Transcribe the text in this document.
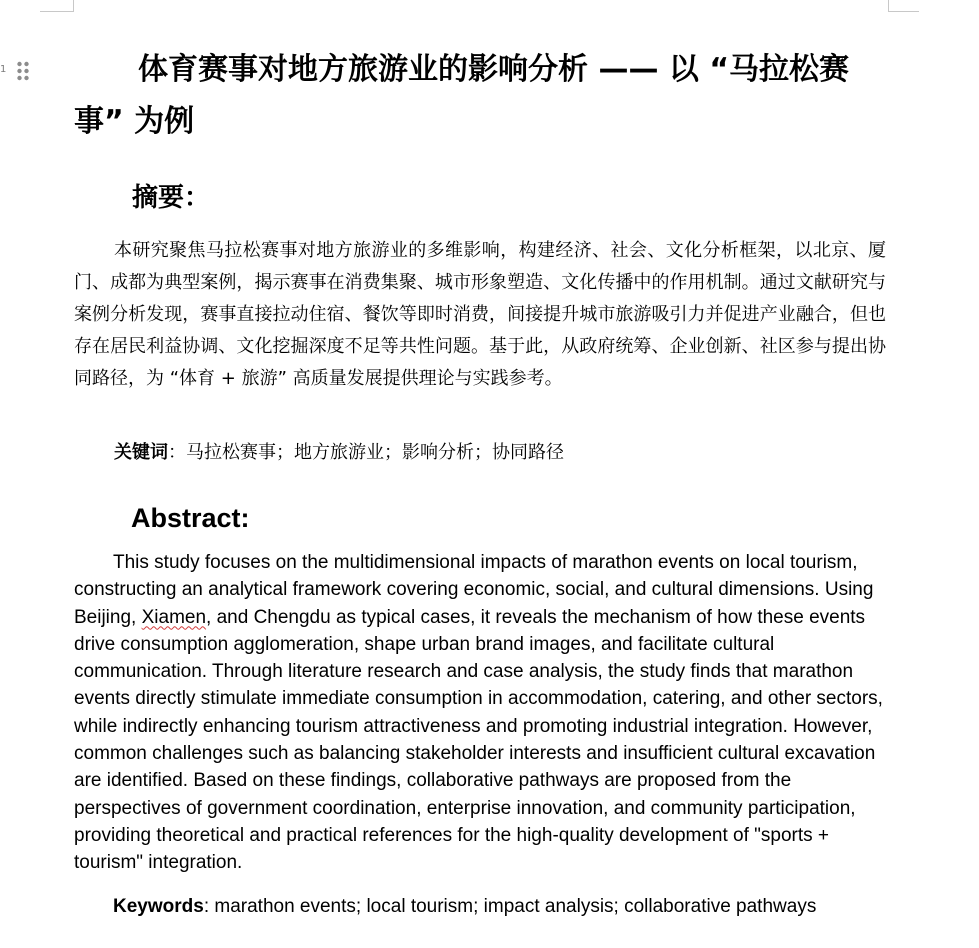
1	体育赛事对地方旅游业的影响分析 —— 以 “马拉松赛事” 为例
摘要：

本研究聚焦马拉松赛事对地方旅游业的多维影响，构建经济、社会、文化分析框架，以北京、厦门、成都为典型案例，揭示赛事在消费集聚、城市形象塑造、文化传播中的作用机制。通过文献研究与案例分析发现，赛事直接拉动住宿、餐饮等即时消费，间接提升城市旅游吸引力并促进产业融合，但也存在居民利益协调、文化挖掘深度不足等共性问题。基于此，从政府统筹、企业创新、社区参与提出协同路径，为 “体育 + 旅游” 高质量发展提供理论与实践参考。

关键词：马拉松赛事；地方旅游业；影响分析；协同路径

Abstract:

This study focuses on the multidimensional impacts of marathon events on local tourism, constructing an analytical framework covering economic, social, and cultural dimensions. Using Beijing, Xiamen, and Chengdu as typical cases, it reveals the mechanism of how these events drive consumption agglomeration, shape urban brand images, and facilitate cultural communication. Through literature research and case analysis, the study finds that marathon events directly stimulate immediate consumption in accommodation, catering, and other sectors, while indirectly enhancing tourism attractiveness and promoting industrial integration. However, common challenges such as balancing stakeholder interests and insufficient cultural excavation are identified. Based on these findings, collaborative pathways are proposed from the perspectives of government coordination, enterprise innovation, and community participation, providing theoretical and practical references for the high-quality development of "sports + tourism" integration.

Keywords: marathon events; local tourism; impact analysis; collaborative pathways
